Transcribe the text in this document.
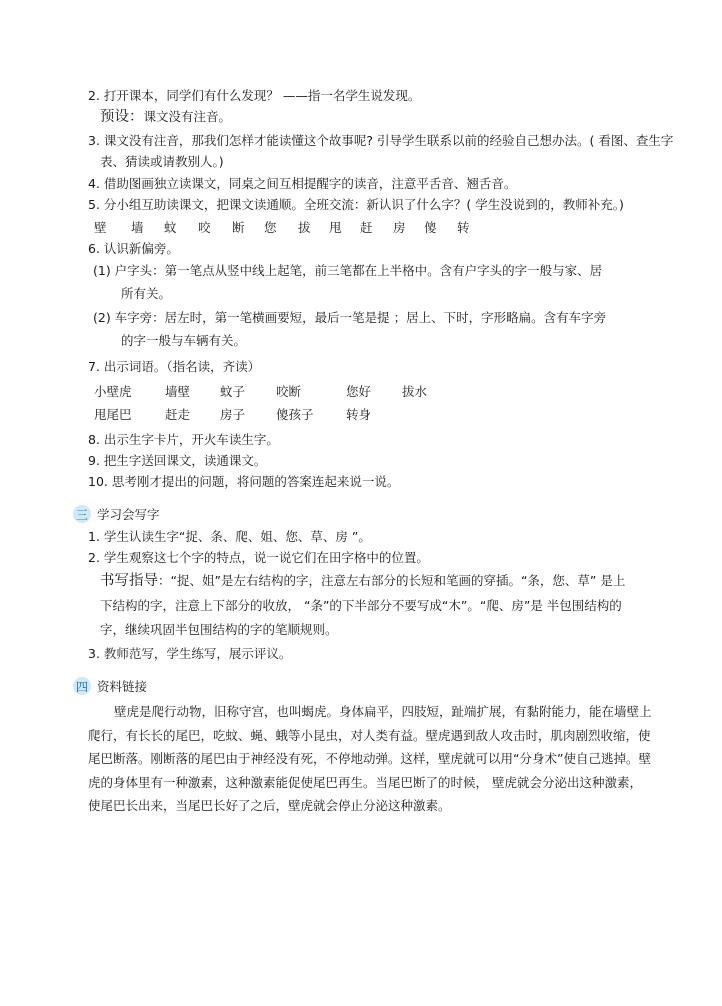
2. 打开课本，同学们有什么发现？ ——指一名学生说发现。
预设：课文没有注音。
3. 课文没有注音，那我们怎样才能读懂这个故事呢? 引导学生联系以前的经验自己想办法。( 看图、查生字
表、猜读或请教别人。)
4. 借助图画独立读课文，同桌之间互相提醒字的读音，注意平舌音、翘舌音。
5. 分小组互助读课文，把课文读通顺。全班交流：新认识了什么字？( 学生没说到的，教师补充。)
壁 墙 蚊 咬 断 您 拔 甩 赶 房 傻 转
6. 认识新偏旁。
(1) 户字头：第一笔点从竖中线上起笔，前三笔都在上半格中。含有户字头的字一般与家、居
所有关。
(2) 车字旁：居左时，第一笔横画要短，最后一笔是提 ；居上、下时，字形略扁。含有车字旁
的字一般与车辆有关。
7. 出示词语。（指名读，齐读）
小壁虎	墙壁 蚊子 咬断	您好 拔水
甩尾巴	赶走 房子 傻孩子	转身
8. 出示生字卡片，开火车读生字。
9. 把生字送回课文，读通课文。
10. 思考刚才提出的问题，将问题的答案连起来说一说。
三 学习会写字
1. 学生认读生字“捉、条、爬、姐、您、草、房 ”。
2. 学生观察这七个字的特点，说一说它们在田字格中的位置。
书写指导：“捉、姐”是左右结构的字，注意左右部分的长短和笔画的穿插。“条，您、草” 是上
下结构的字，注意上下部分的收放， “条”的下半部分不要写成“木”。“爬、房”是 半包围结构的
字，继续巩固半包围结构的字的笔顺规则。
3. 教师范写，学生练写，展示评议。
四 资料链接
壁虎是爬行动物，旧称守宫，也叫蝎虎。身体扁平，四肢短，趾端扩展，有黏附能力，能在墙壁上爬行，有长长的尾巴，吃蚊、蝇、蛾等小昆虫，对人类有益。壁虎遇到敌人攻击时，肌肉剧烈收缩，使尾巴断落。刚断落的尾巴由于神经没有死，不停地动弹。这样，壁虎就可以用“分身术”使自己逃掉。壁虎的身体里有一种激素，这种激素能促使尾巴再生。当尾巴断了的时候， 壁虎就会分泌出这种激素，使尾巴长出来，当尾巴长好了之后，壁虎就会停止分泌这种激素。
